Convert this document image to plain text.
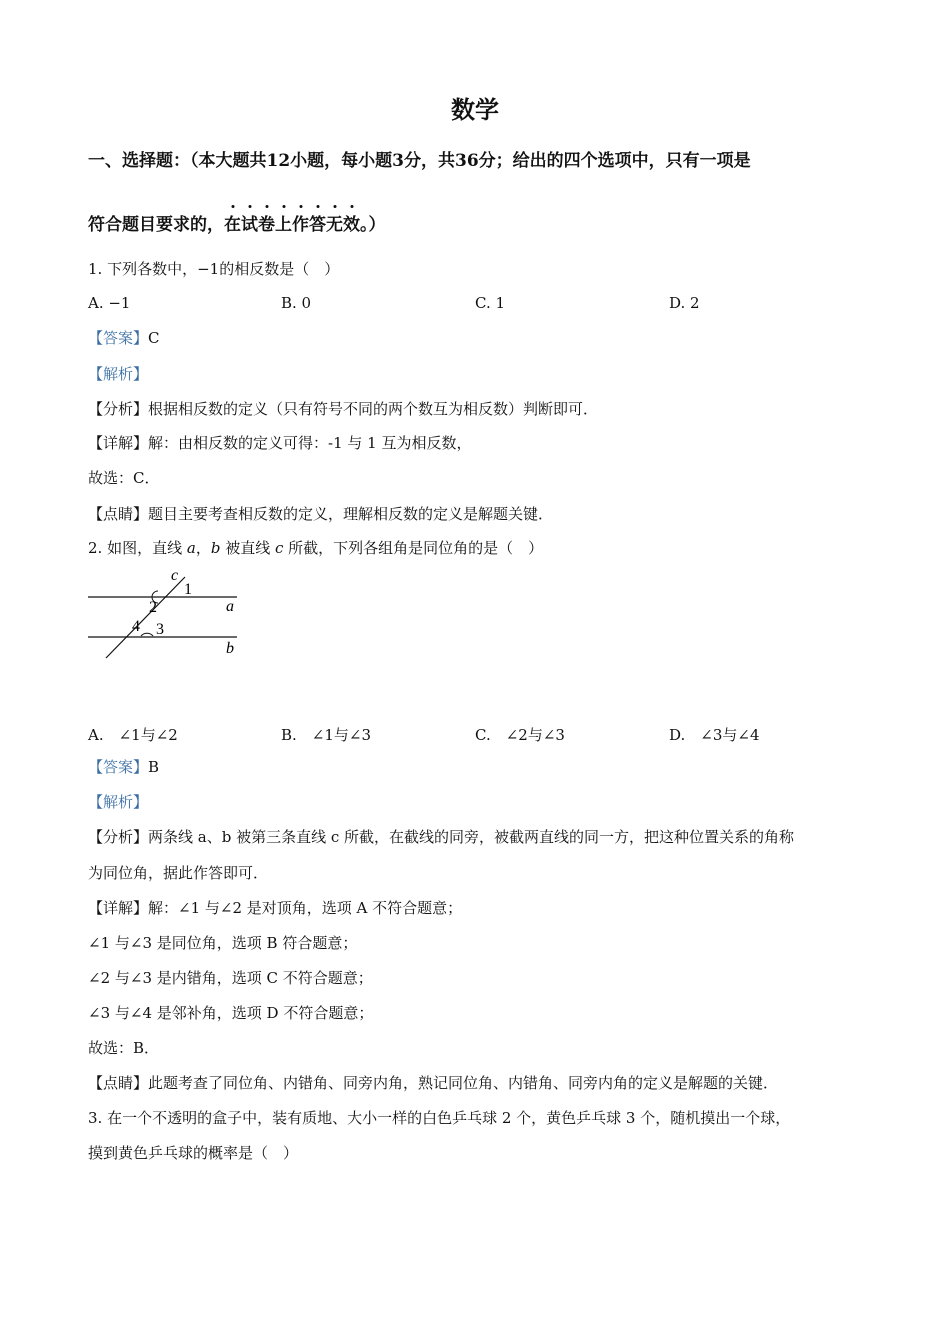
数学
一、选择题：（本大题共12小题，每小题3分，共36分；给出的四个选项中，只有一项是
符合题目要求的，
在
试
卷
上
作
答
无
效。）
1. 下列各数中，−1的相反数是（　）
A. −1	B. 0	C. 1	D. 2
【答案】C
【解析】
【分析】根据相反数的定义（只有符号不同的两个数互为相反数）判断即可．
【详解】解：由相反数的定义可得：-1 与 1 互为相反数，
故选：C．
【点睛】题目主要考查相反数的定义，理解相反数的定义是解题关键．
2. 如图，直线 a，b 被直线 c 所截，下列各组角是同位角的是（　）
c
1
2	a
4 3
b
A.　∠1与∠2	B.　∠1与∠3	C.　∠2与∠3	D.　∠3与∠4
【答案】B
【解析】
【分析】两条线 a、b 被第三条直线 c 所截，在截线的同旁，被截两直线的同一方，把这种位置关系的角称
为同位角，据此作答即可．
【详解】解：∠1 与∠2 是对顶角，选项 A 不符合题意；
∠1 与∠3 是同位角，选项 B 符合题意；
∠2 与∠3 是内错角，选项 C 不符合题意；
∠3 与∠4 是邻补角，选项 D 不符合题意；
故选：B．
【点睛】此题考查了同位角、内错角、同旁内角，熟记同位角、内错角、同旁内角的定义是解题的关键．
3. 在一个不透明的盒子中，装有质地、大小一样的白色乒乓球 2 个，黄色乒乓球 3 个，随机摸出一个球，
摸到黄色乒乓球的概率是（　）
